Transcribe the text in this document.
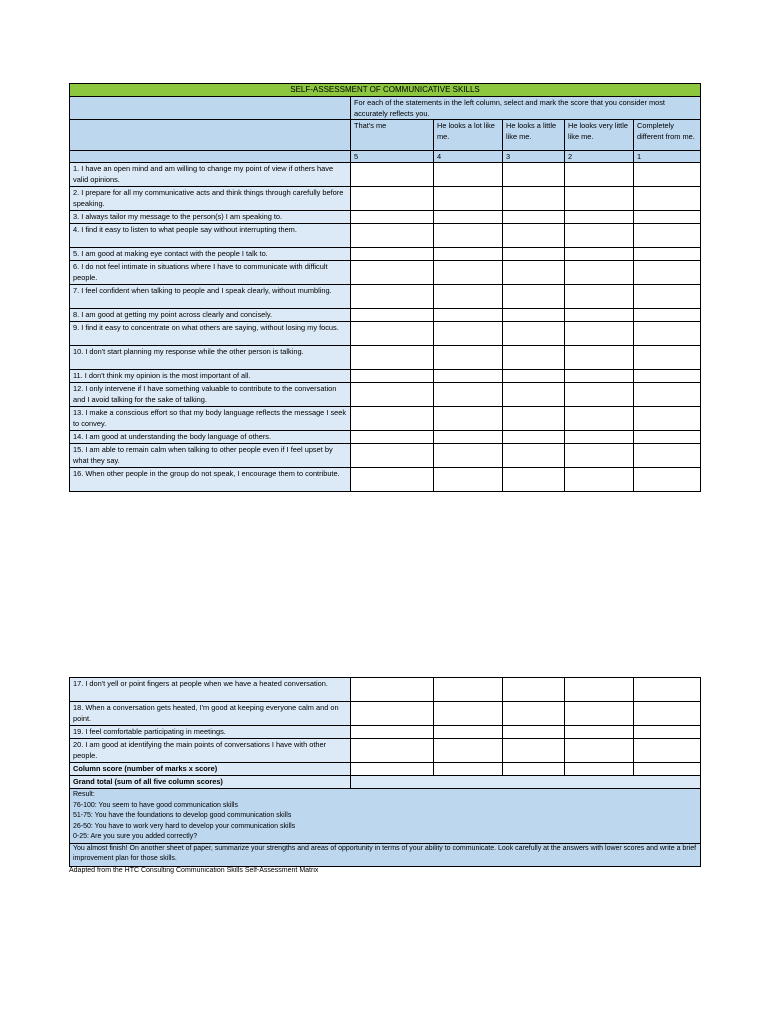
SELF-ASSESSMENT OF COMMUNICATIVE SKILLS					
	For each of the statements in the left column, select and mark the score that you consider most accurately reflects you.				
	That's me	He looks a lot like me.	He looks a little like me.	He looks very little like me.	Completely different from me.
	5	4	3	2	1
1. I have an open mind and am willing to change my point of view if others have valid opinions.					
2. I prepare for all my communicative acts and think things through carefully before speaking.					
3. I always tailor my message to the person(s) I am speaking to.					
4. I find it easy to listen to what people say without interrupting them.					
5. I am good at making eye contact with the people I talk to.					
6. I do not feel intimate in situations where I have to communicate with difficult people.					
7. I feel confident when talking to people and I speak clearly, without mumbling.					
8. I am good at getting my point across clearly and concisely.					
9. I find it easy to concentrate on what others are saying, without losing my focus.					
10. I don't start planning my response while the other person is talking.					
11. I don't think my opinion is the most important of all.					
12. I only intervene if I have something valuable to contribute to the conversation and I avoid talking for the sake of talking.					
13. I make a conscious effort so that my body language reflects the message I seek to convey.					
14. I am good at understanding the body language of others.					
15. I am able to remain calm when talking to other people even if I feel upset by what they say.					
16. When other people in the group do not speak, I encourage them to contribute.					
17. I don't yell or point fingers at people when we have a heated conversation.					
18. When a conversation gets heated, I'm good at keeping everyone calm and on point.					
19. I feel comfortable participating in meetings.					
20. I am good at identifying the main points of conversations I have with other people.					
Column score (number of marks x score)					
Grand total (sum of all five column scores)					

Result:
76-100: You seem to have good communication skills
51-75: You have the foundations to develop good communication skills
26-50: You have to work very hard to develop your communication skills
0-25: Are you sure you added correctly?					

You almost finish! On another sheet of paper, summarize your strengths and areas of opportunity in terms of your ability to communicate. Look carefully at the answers with lower scores and write a brief improvement plan for those skills.					
Adapted from the HTC Consulting Communication Skills Self-Assessment Matrix
